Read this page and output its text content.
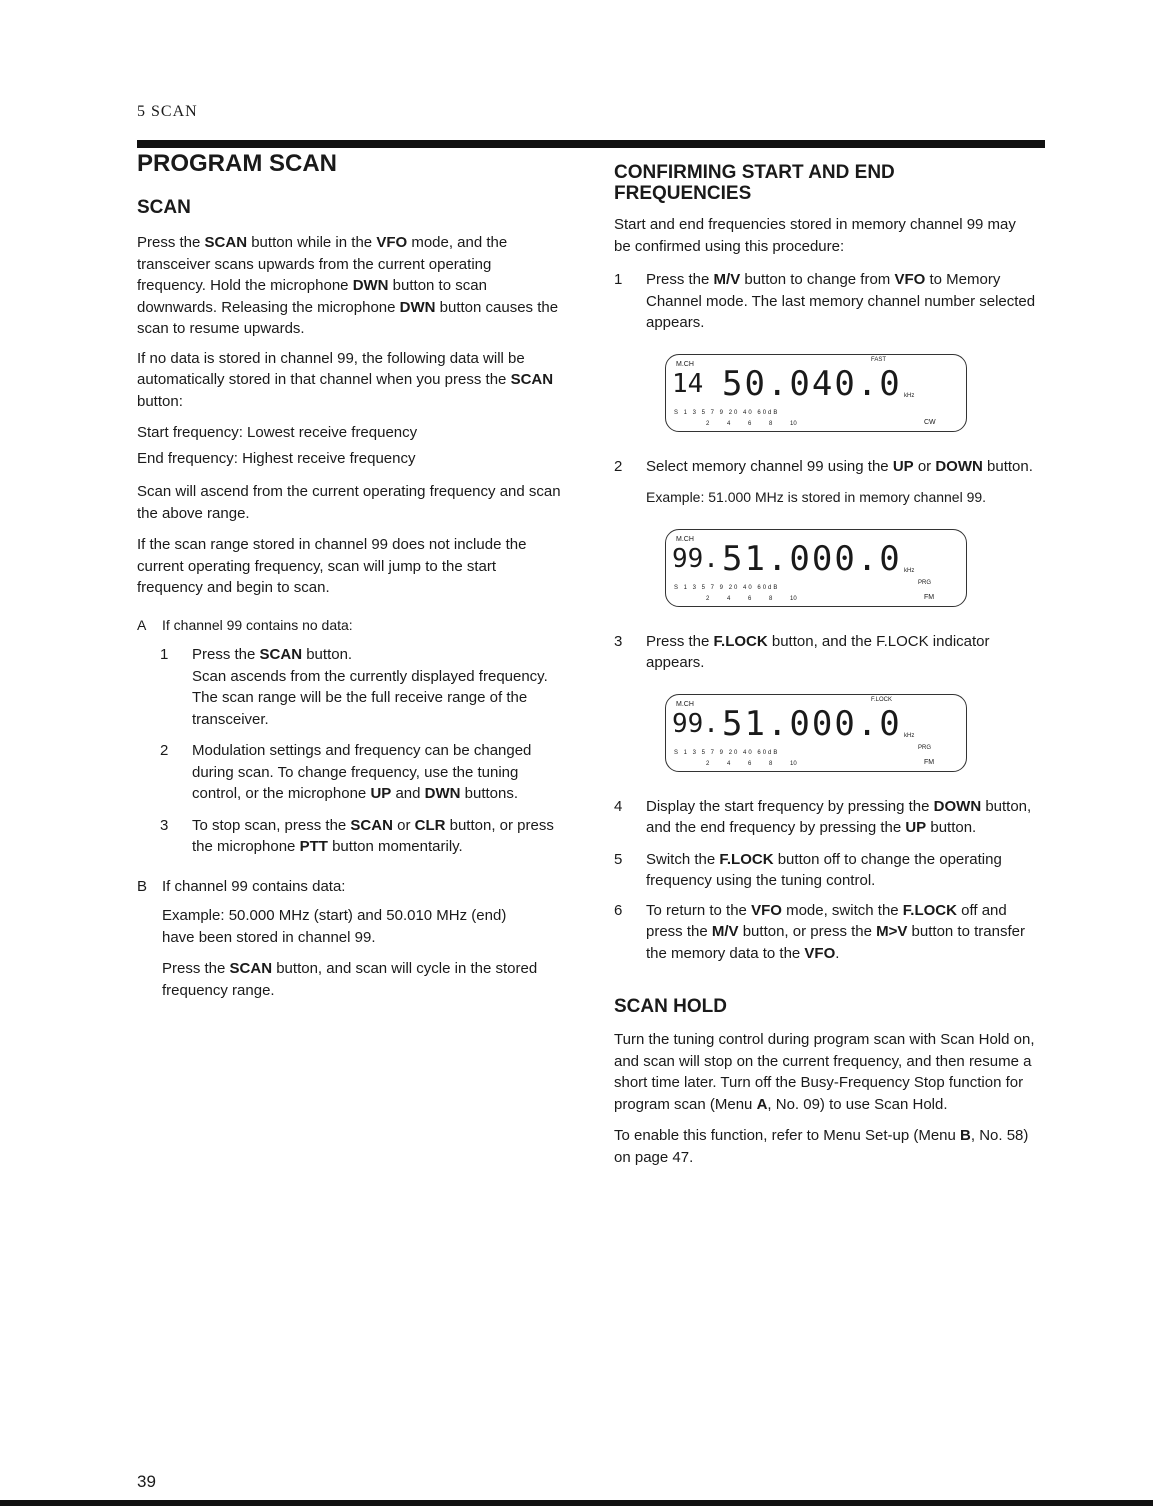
5 SCAN
PROGRAM SCAN
SCAN

Press the SCAN button while in the VFO mode, and the transceiver scans upwards from the current operating frequency. Hold the microphone DWN button to scan downwards. Releasing the microphone DWN button causes the scan to resume upwards.

If no data is stored in channel 99, the following data will be automatically stored in that channel when you press the SCAN button:

Start frequency: Lowest receive frequency

End frequency: Highest receive frequency

Scan will ascend from the current operating frequency and scan the above range.

If the scan range stored in channel 99 does not include the current operating frequency, scan will jump to the start frequency and begin to scan.

A	If channel 99 contains no data:
1 Press the SCAN button.
Scan ascends from the currently displayed frequency. The scan range will be the full receive range of the transceiver.
2 Modulation settings and frequency can be changed during scan. To change frequency, use the tuning control, or the microphone UP and DWN buttons.
3 To stop scan, press the SCAN or CLR button, or press the microphone PTT button momentarily.
B If channel 99 contains data:

Example: 50.000 MHz (start) and 50.010 MHz (end) have been stored in channel 99.

Press the SCAN button, and scan will cycle in the stored frequency range.

CONFIRMING START AND END FREQUENCIES

Start and end frequencies stored in memory channel 99 may be confirmed using this procedure:

1 Press the M/V button to change from VFO to Memory Channel mode. The last memory channel number selected appears.
M.CH
14 50.040.0 kHz
FAST
CW
S 1 3 5 7 9 20 40 60dB
2 4 6 8 10
2 Select memory channel 99 using the UP or DOWN button.

Example: 51.000 MHz is stored in memory channel 99.

M.CH
99. 51.000.0 kHz
PRG
FM
S 1 3 5 7 9 20 40 60dB
2 4 6 8 10
3 Press the F.LOCK button, and the F.LOCK indicator appears.
M.CH
99. 51.000.0 kHz
F.LOCK
PRG
FM
S 1 3 5 7 9 20 40 60dB
2 4 6 8 10
4 Display the start frequency by pressing the DOWN button, and the end frequency by pressing the UP button.
5 Switch the F.LOCK button off to change the operating frequency using the tuning control.
6 To return to the VFO mode, switch the F.LOCK off and press the M/V button, or press the M>V button to transfer the memory data to the VFO.
SCAN HOLD

Turn the tuning control during program scan with Scan Hold on, and scan will stop on the current frequency, and then resume a short time later. Turn off the Busy-Frequency Stop function for program scan (Menu A, No. 09) to use Scan Hold.

To enable this function, refer to Menu Set-up (Menu B, No. 58) on page 47.

39
